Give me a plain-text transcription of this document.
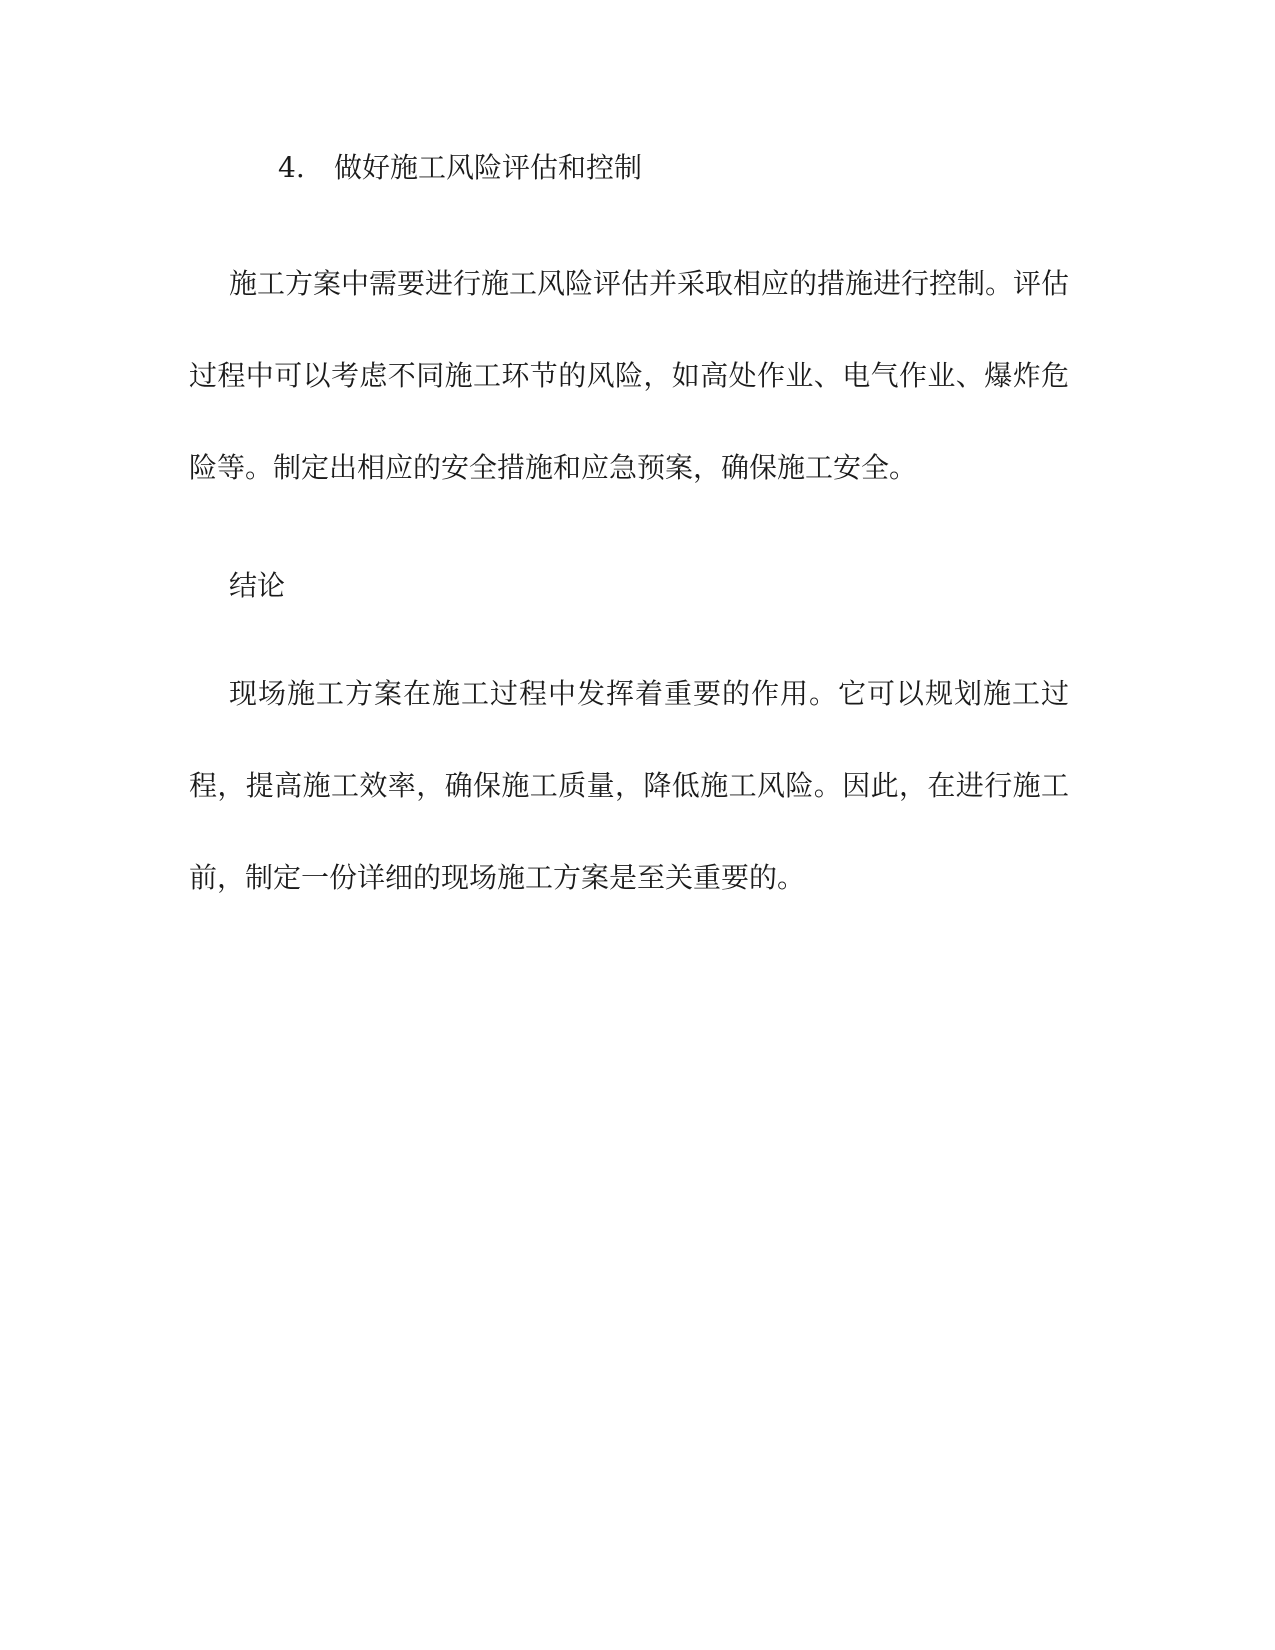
4. 做好施工风险评估和控制

施工方案中需要进行施工风险评估并采取相应的措施进行控制。评估过程中可以考虑不同施工环节的风险，如高处作业、电气作业、爆炸危险等。制定出相应的安全措施和应急预案，确保施工安全。

结论

现场施工方案在施工过程中发挥着重要的作用。它可以规划施工过程，提高施工效率，确保施工质量，降低施工风险。因此，在进行施工前，制定一份详细的现场施工方案是至关重要的。
